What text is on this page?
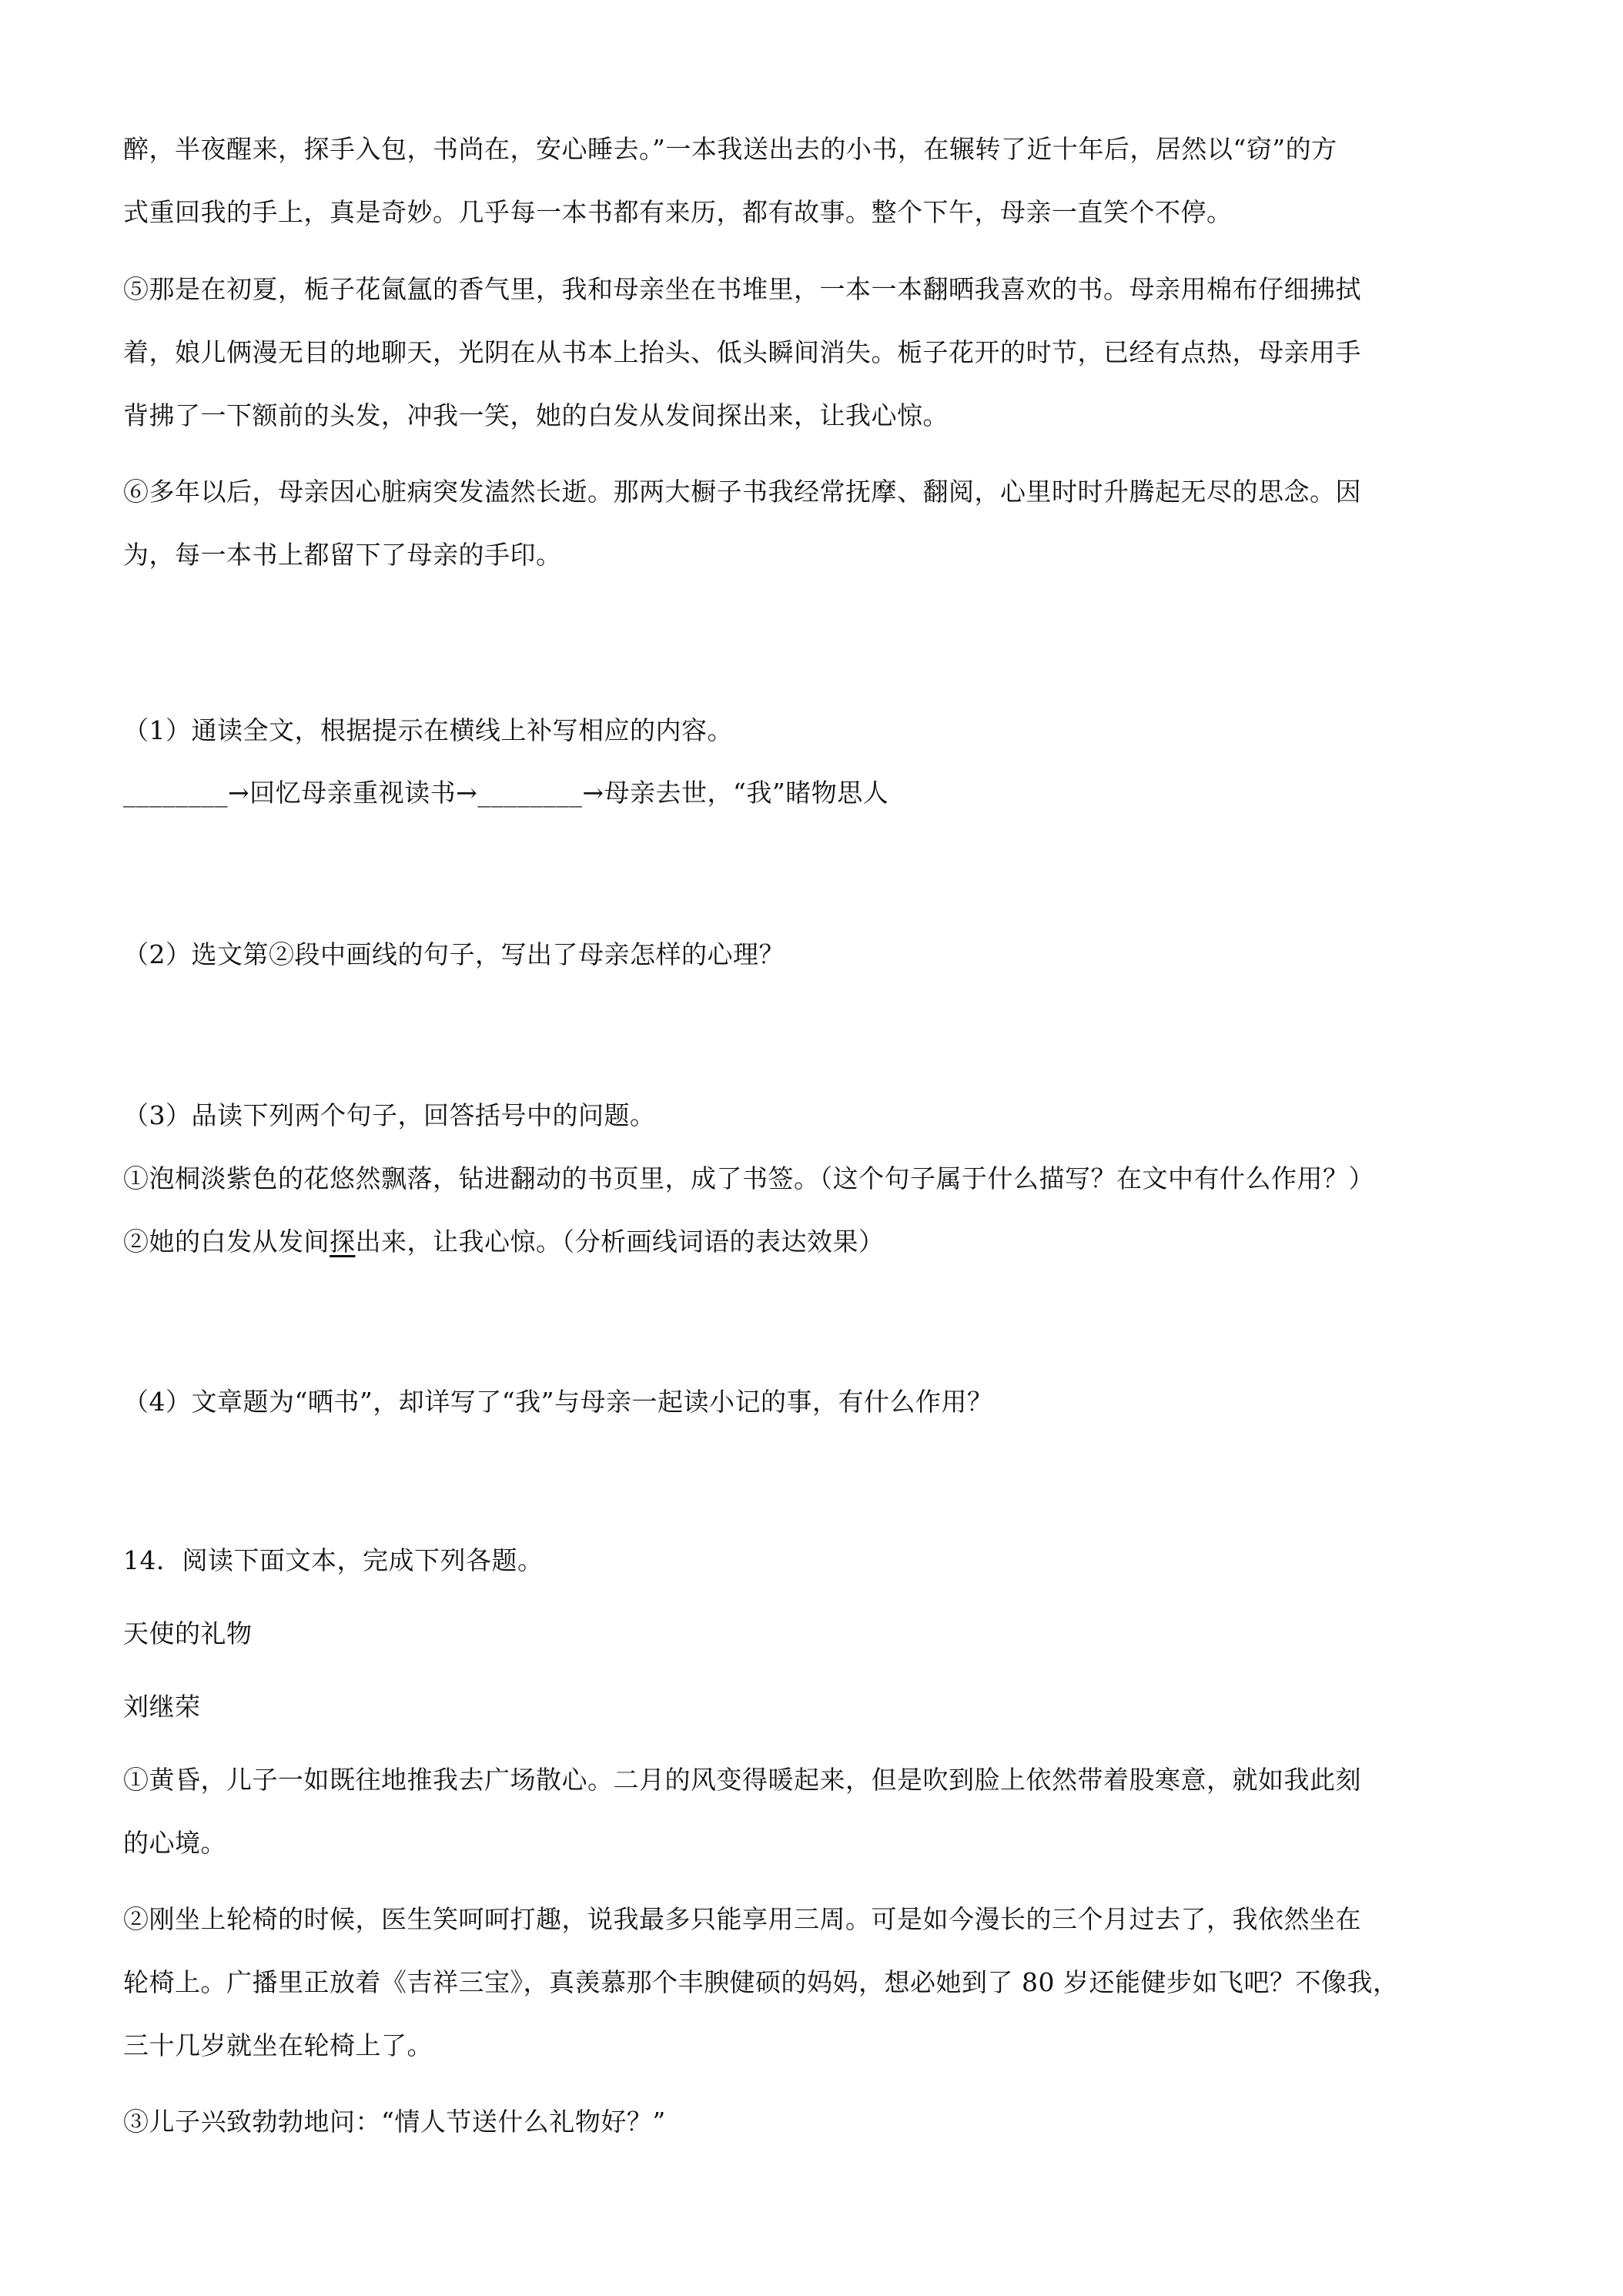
醉，半夜醒来，探手入包，书尚在，安心睡去。”一本我送出去的小书，在辗转了近十年后，居然以“窃”的方
式重回我的手上，真是奇妙。几乎每一本书都有来历，都有故事。整个下午，母亲一直笑个不停。
⑤那是在初夏，栀子花氤氲的香气里，我和母亲坐在书堆里，一本一本翻晒我喜欢的书。母亲用棉布仔细拂拭
着，娘儿俩漫无目的地聊天，光阴在从书本上抬头、低头瞬间消失。栀子花开的时节，已经有点热，母亲用手
背拂了一下额前的头发，冲我一笑，她的白发从发间探出来，让我心惊。
⑥多年以后，母亲因心脏病突发溘然长逝。那两大橱子书我经常抚摩、翻阅，心里时时升腾起无尽的思念。因
为，每一本书上都留下了母亲的手印。
（1）通读全文，根据提示在横线上补写相应的内容。
________→回忆母亲重视读书→________→母亲去世，“我”睹物思人
（2）选文第②段中画线的句子，写出了母亲怎样的心理？
（3）品读下列两个句子，回答括号中的问题。
①泡桐淡紫色的花悠然飘落，钻进翻动的书页里，成了书签。（这个句子属于什么描写？在文中有什么作用？）
②她的白发从发间探出来，让我心惊。（分析画线词语的表达效果）
（4）文章题为“晒书”，却详写了“我”与母亲一起读小记的事，有什么作用？
14．阅读下面文本，完成下列各题。
天使的礼物
刘继荣
①黄昏，儿子一如既往地推我去广场散心。二月的风变得暖起来，但是吹到脸上依然带着股寒意，就如我此刻
的心境。
②刚坐上轮椅的时候，医生笑呵呵打趣，说我最多只能享用三周。可是如今漫长的三个月过去了，我依然坐在
轮椅上。广播里正放着《吉祥三宝》，真羡慕那个丰腴健硕的妈妈，想必她到了 80 岁还能健步如飞吧？不像我，
三十几岁就坐在轮椅上了。
③儿子兴致勃勃地问：“情人节送什么礼物好？”
